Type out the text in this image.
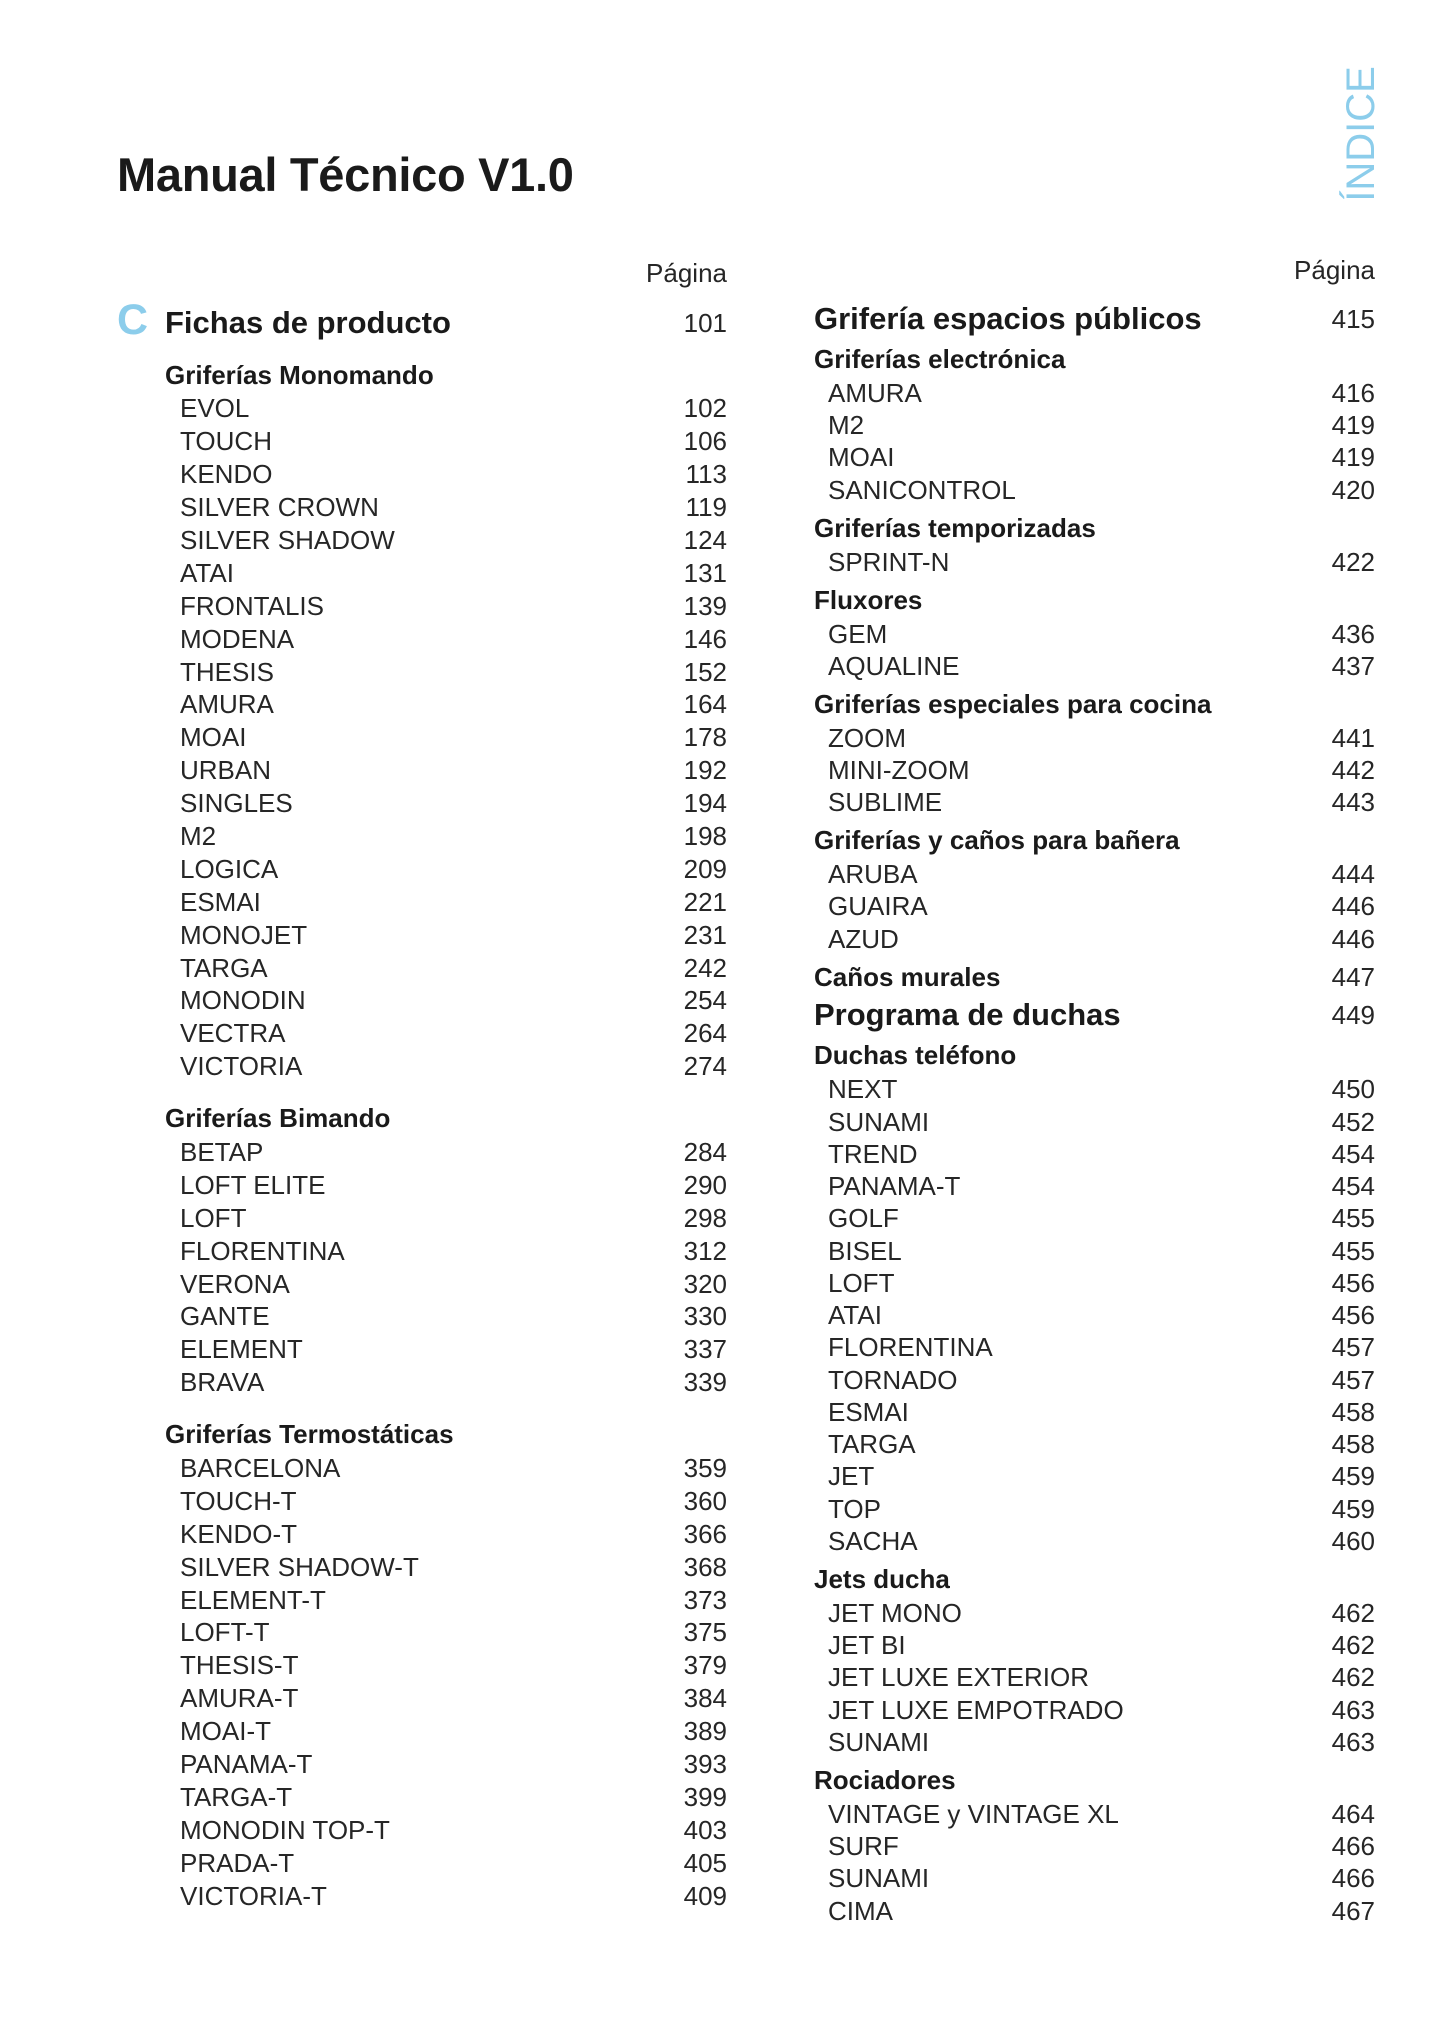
Manual Técnico V1.0	ÍNDICE
Página	Página
C Fichas de producto	101
Griferías Monomando
EVOL	102
TOUCH	106
KENDO	113
SILVER CROWN	119
SILVER SHADOW	124
ATAI	131
FRONTALIS	139
MODENA	146
THESIS	152
AMURA	164
MOAI	178
URBAN	192
SINGLES	194
M2	198
LOGICA	209
ESMAI	221
MONOJET	231
TARGA	242
MONODIN	254
VECTRA	264
VICTORIA	274
Griferías Bimando
BETAP	284
LOFT ELITE	290
LOFT	298
FLORENTINA	312
VERONA	320
GANTE	330
ELEMENT	337
BRAVA	339
Griferías Termostáticas
BARCELONA	359
TOUCH-T	360
KENDO-T	366
SILVER SHADOW-T	368
ELEMENT-T	373
LOFT-T	375
THESIS-T	379
AMURA-T	384
MOAI-T	389
PANAMA-T	393
TARGA-T	399
MONODIN TOP-T	403
PRADA-T	405
VICTORIA-T	409
Grifería espacios públicos	415
Griferías electrónica
AMURA	416
M2	419
MOAI	419
SANICONTROL	420
Griferías temporizadas
SPRINT-N	422
Fluxores
GEM	436
AQUALINE	437
Griferías especiales para cocina
ZOOM	441
MINI-ZOOM	442
SUBLIME	443
Griferías y caños para bañera
ARUBA	444
GUAIRA	446
AZUD	446
Caños murales	447
Programa de duchas	449
Duchas teléfono
NEXT	450
SUNAMI	452
TREND	454
PANAMA-T	454
GOLF	455
BISEL	455
LOFT	456
ATAI	456
FLORENTINA	457
TORNADO	457
ESMAI	458
TARGA	458
JET	459
TOP	459
SACHA	460
Jets ducha
JET MONO	462
JET BI	462
JET LUXE EXTERIOR	462
JET LUXE EMPOTRADO	463
SUNAMI	463
Rociadores
VINTAGE y VINTAGE XL	464
SURF	466
SUNAMI	466
CIMA	467
